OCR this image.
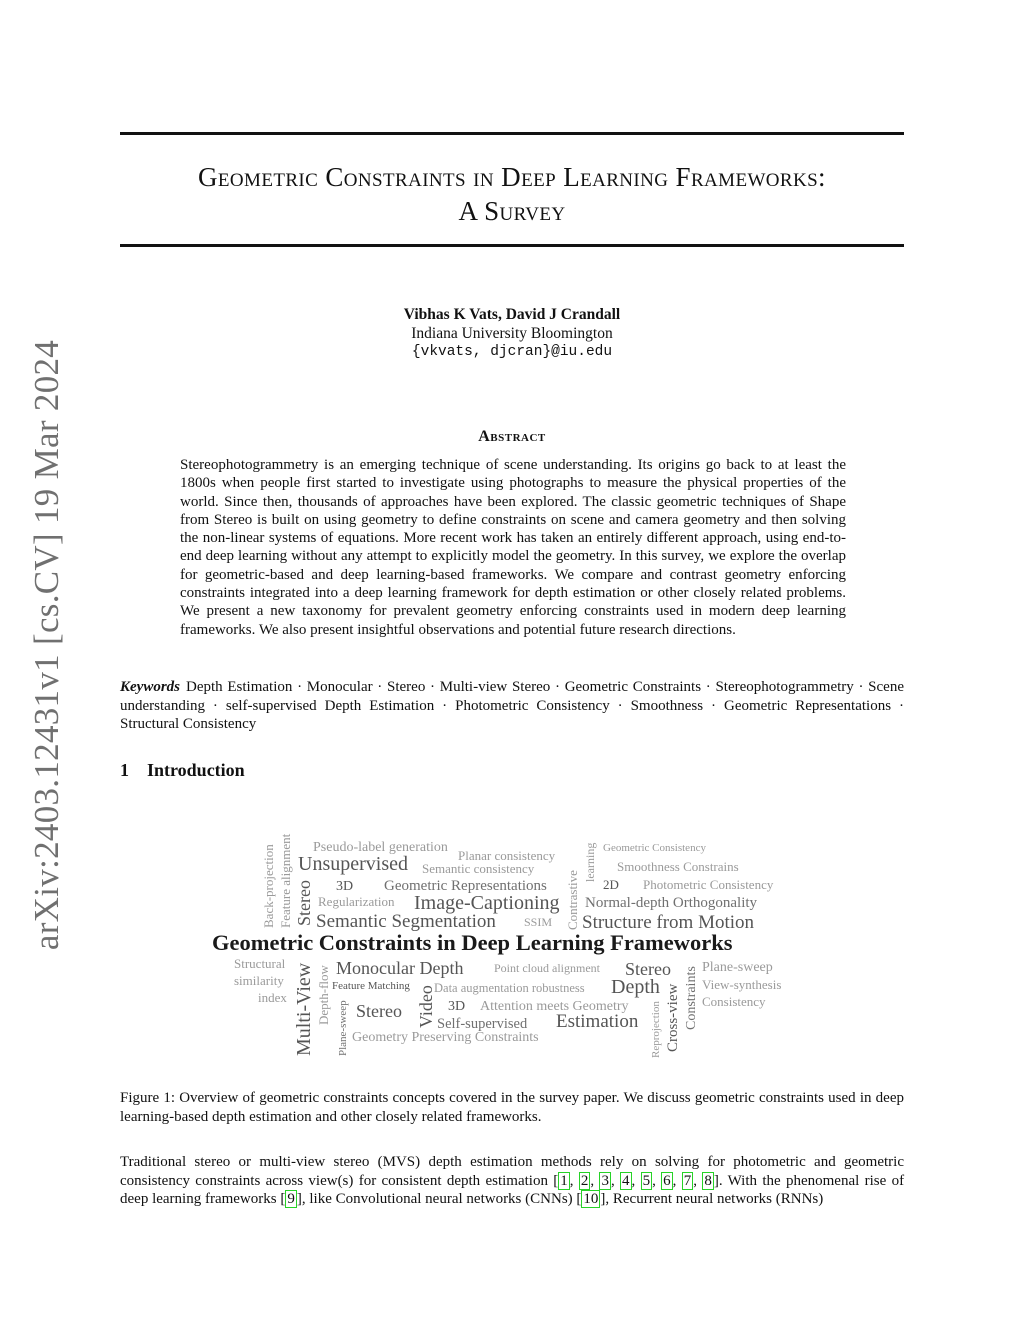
arXiv:2403.12431v1 [cs.CV] 19 Mar 2024
Geometric Constraints in Deep Learning Frameworks:
A Survey
Vibhas K Vats, David J Crandall
Indiana University Bloomington
{vkvats, djcran}@iu.edu
Abstract

Stereophotogrammetry is an emerging technique of scene understanding. Its origins go back to at least the 1800s when people first started to investigate using photographs to measure the physical properties of the world. Since then, thousands of approaches have been explored. The classic geometric techniques of Shape from Stereo is built on using geometry to define constraints on scene and camera geometry and then solving the non-linear systems of equations. More recent work has taken an entirely different approach, using end-to-end deep learning without any attempt to explicitly model the geometry. In this survey, we explore the overlap for geometric-based and deep learning-based frameworks. We compare and contrast geometry enforcing constraints integrated into a deep learning framework for depth estimation or other closely related problems. We present a new taxonomy for prevalent geometry enforcing constraints used in modern deep learning frameworks. We also present insightful observations and potential future research directions.

Keywords Depth Estimation · Monocular · Stereo · Multi-view Stereo · Geometric Constraints · Stereophotogrammetry · Scene understanding · self-supervised Depth Estimation · Photometric Consistency · Smoothness · Geometric Representations · Structural Consistency

1 Introduction
Back-projection Feature alignment Stereo
Pseudo-label generation
Unsupervised	Planar consistency
Semantic consistency
3D Geometric Representations
Regularization Image-Captioning
Semantic Segmentation SSIM Contrastive
learning Geometric Consistency
Smoothness Constrains
2D Photometric Consistency
Normal-depth Orthogonality
Structure from Motion
Geometric Constraints in Deep Learning Frameworks
Structural
similarity
index Multi-View Depth-flow
Plane-sweep
Monocular Depth
Feature Matching
Stereo Video
Point cloud alignment Stereo
Data augmentation robustness Depth
3D Attention meets Geometry
Self-supervised Estimation
Geometry Preserving Constraints	Reprojection Cross-view Constraints Plane-sweep
View-synthesis
Consistency

Figure 1: Overview of geometric constraints concepts covered in the survey paper. We discuss geometric constraints used in deep learning-based depth estimation and other closely related frameworks.

Traditional stereo or multi-view stereo (MVS) depth estimation methods rely on solving for photometric and geometric consistency constraints across view(s) for consistent depth estimation [ 1 , 2 , 3 , 4 , 5 , 6 , 7 , 8 ]. With the phenomenal rise of deep learning frameworks [ 9 ], like Convolutional neural networks (CNNs) [ 10 ], Recurrent neural networks (RNNs)
